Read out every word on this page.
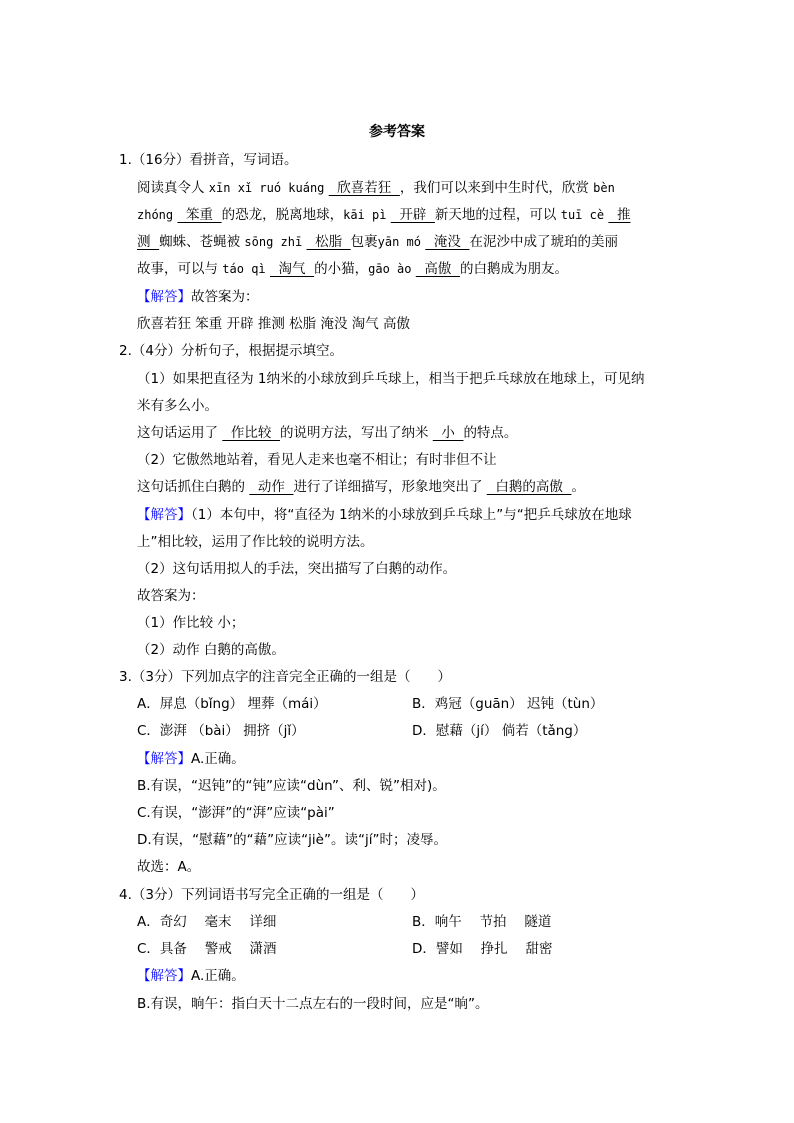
参考答案
1.（16分）看拼音，写词语。
阅读真令人 xīn xǐ ruó kuáng   欣喜若狂  ，我们可以来到中生时代，欣赏 bèn
zhóng   笨重  的恐龙，脱离地球，kāi pì   开辟  新天地的过程，可以 tuī cè   推
测  蜘蛛、苍蝇被 sōng zhī   松脂  包裹yān mó   淹没  在泥沙中成了琥珀的美丽
故事，可以与 táo qì   淘气  的小猫，gāo ào   高傲  的白鹅成为朋友。
【解答】故答案为：
欣喜若狂 笨重 开辟 推测 松脂 淹没 淘气 高傲
2.（4分）分析句子，根据提示填空。
（1）如果把直径为 1纳米的小球放到乒乓球上，相当于把乒乓球放在地球上，可见纳
米有多么小。
这句话运用了   作比较  的说明方法，写出了纳米   小  的特点。
（2）它傲然地站着，看见人走来也毫不相让；有时非但不让
这句话抓住白鹅的   动作  进行了详细描写，形象地突出了   白鹅的高傲  。
【解答】（1）本句中，将“直径为 1纳米的小球放到乒乓球上”与“把乒乓球放在地球
上”相比较，运用了作比较的说明方法。
（2）这句话用拟人的手法，突出描写了白鹅的动作。
故答案为：
（1）作比较 小；
（2）动作 白鹅的高傲。
3.（3分）下列加点字的注音完全正确的一组是（　　）
A．屏息（bǐng） 埋葬（mái）	B．鸡冠（guān） 迟钝（tùn）
C．澎湃 （bài） 拥挤（jǐ）	D．慰藉（jí） 倘若（tǎng）
【解答】A.正确。
B.有误，“迟钝”的“钝”应读“dùn”、利、锐”相对)。
C.有误，“澎湃”的“湃”应读“pài”
D.有误，“慰藉”的“藉”应读“jiè”。读“jí”时；凌辱。
故选：A。
4.（3分）下列词语书写完全正确的一组是（　　）
A．奇幻　 毫末　 详细	B．响午　 节拍　 隧道
C．具备　 警戒　 潇酒	D．譬如　 挣扎　 甜密
【解答】A.正确。
B.有误，晌午：指白天十二点左右的一段时间，应是“晌”。
